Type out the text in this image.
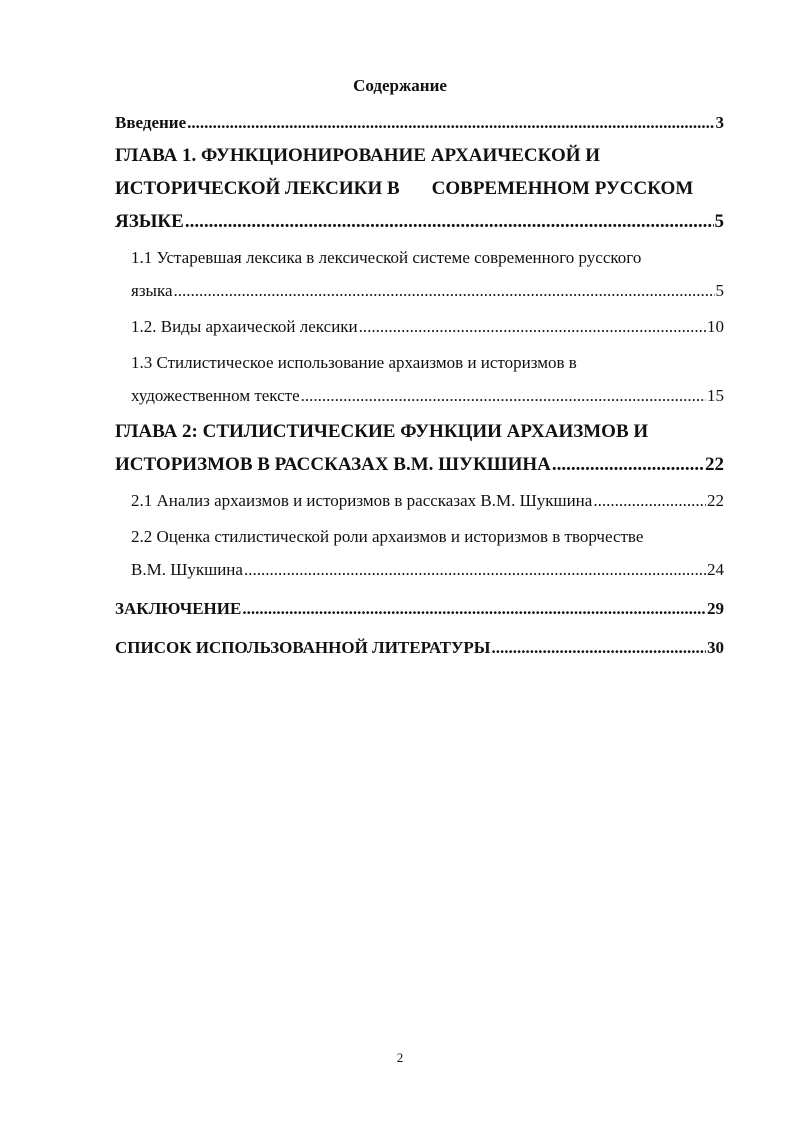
Содержание
Введение .....	3
ГЛАВА 1. ФУНКЦИОНИРОВАНИЕ АРХАИЧЕСКОЙ И
ИСТОРИЧЕСКОЙ ЛЕКСИКИ В СОВРЕМЕННОМ РУССКОМ
ЯЗЫКЕ .....	5
1.1 Устаревшая лексика в лексической системе современного русского
языка .....	5
1.2. Виды архаической лексики .....	10
1.3 Стилистическое использование архаизмов и историзмов в
художественном тексте .....	15
ГЛАВА 2: СТИЛИСТИЧЕСКИЕ ФУНКЦИИ АРХАИЗМОВ И
ИСТОРИЗМОВ В РАССКАЗАХ В.М. ШУКШИНА .....	22
2.1 Анализ архаизмов и историзмов в рассказах В.М. Шукшина .....	22
2.2 Оценка стилистической роли архаизмов и историзмов в творчестве
В.М. Шукшина .....	24
ЗАКЛЮЧЕНИЕ .....	29
СПИСОК ИСПОЛЬЗОВАННОЙ ЛИТЕРАТУРЫ .....	30
2
